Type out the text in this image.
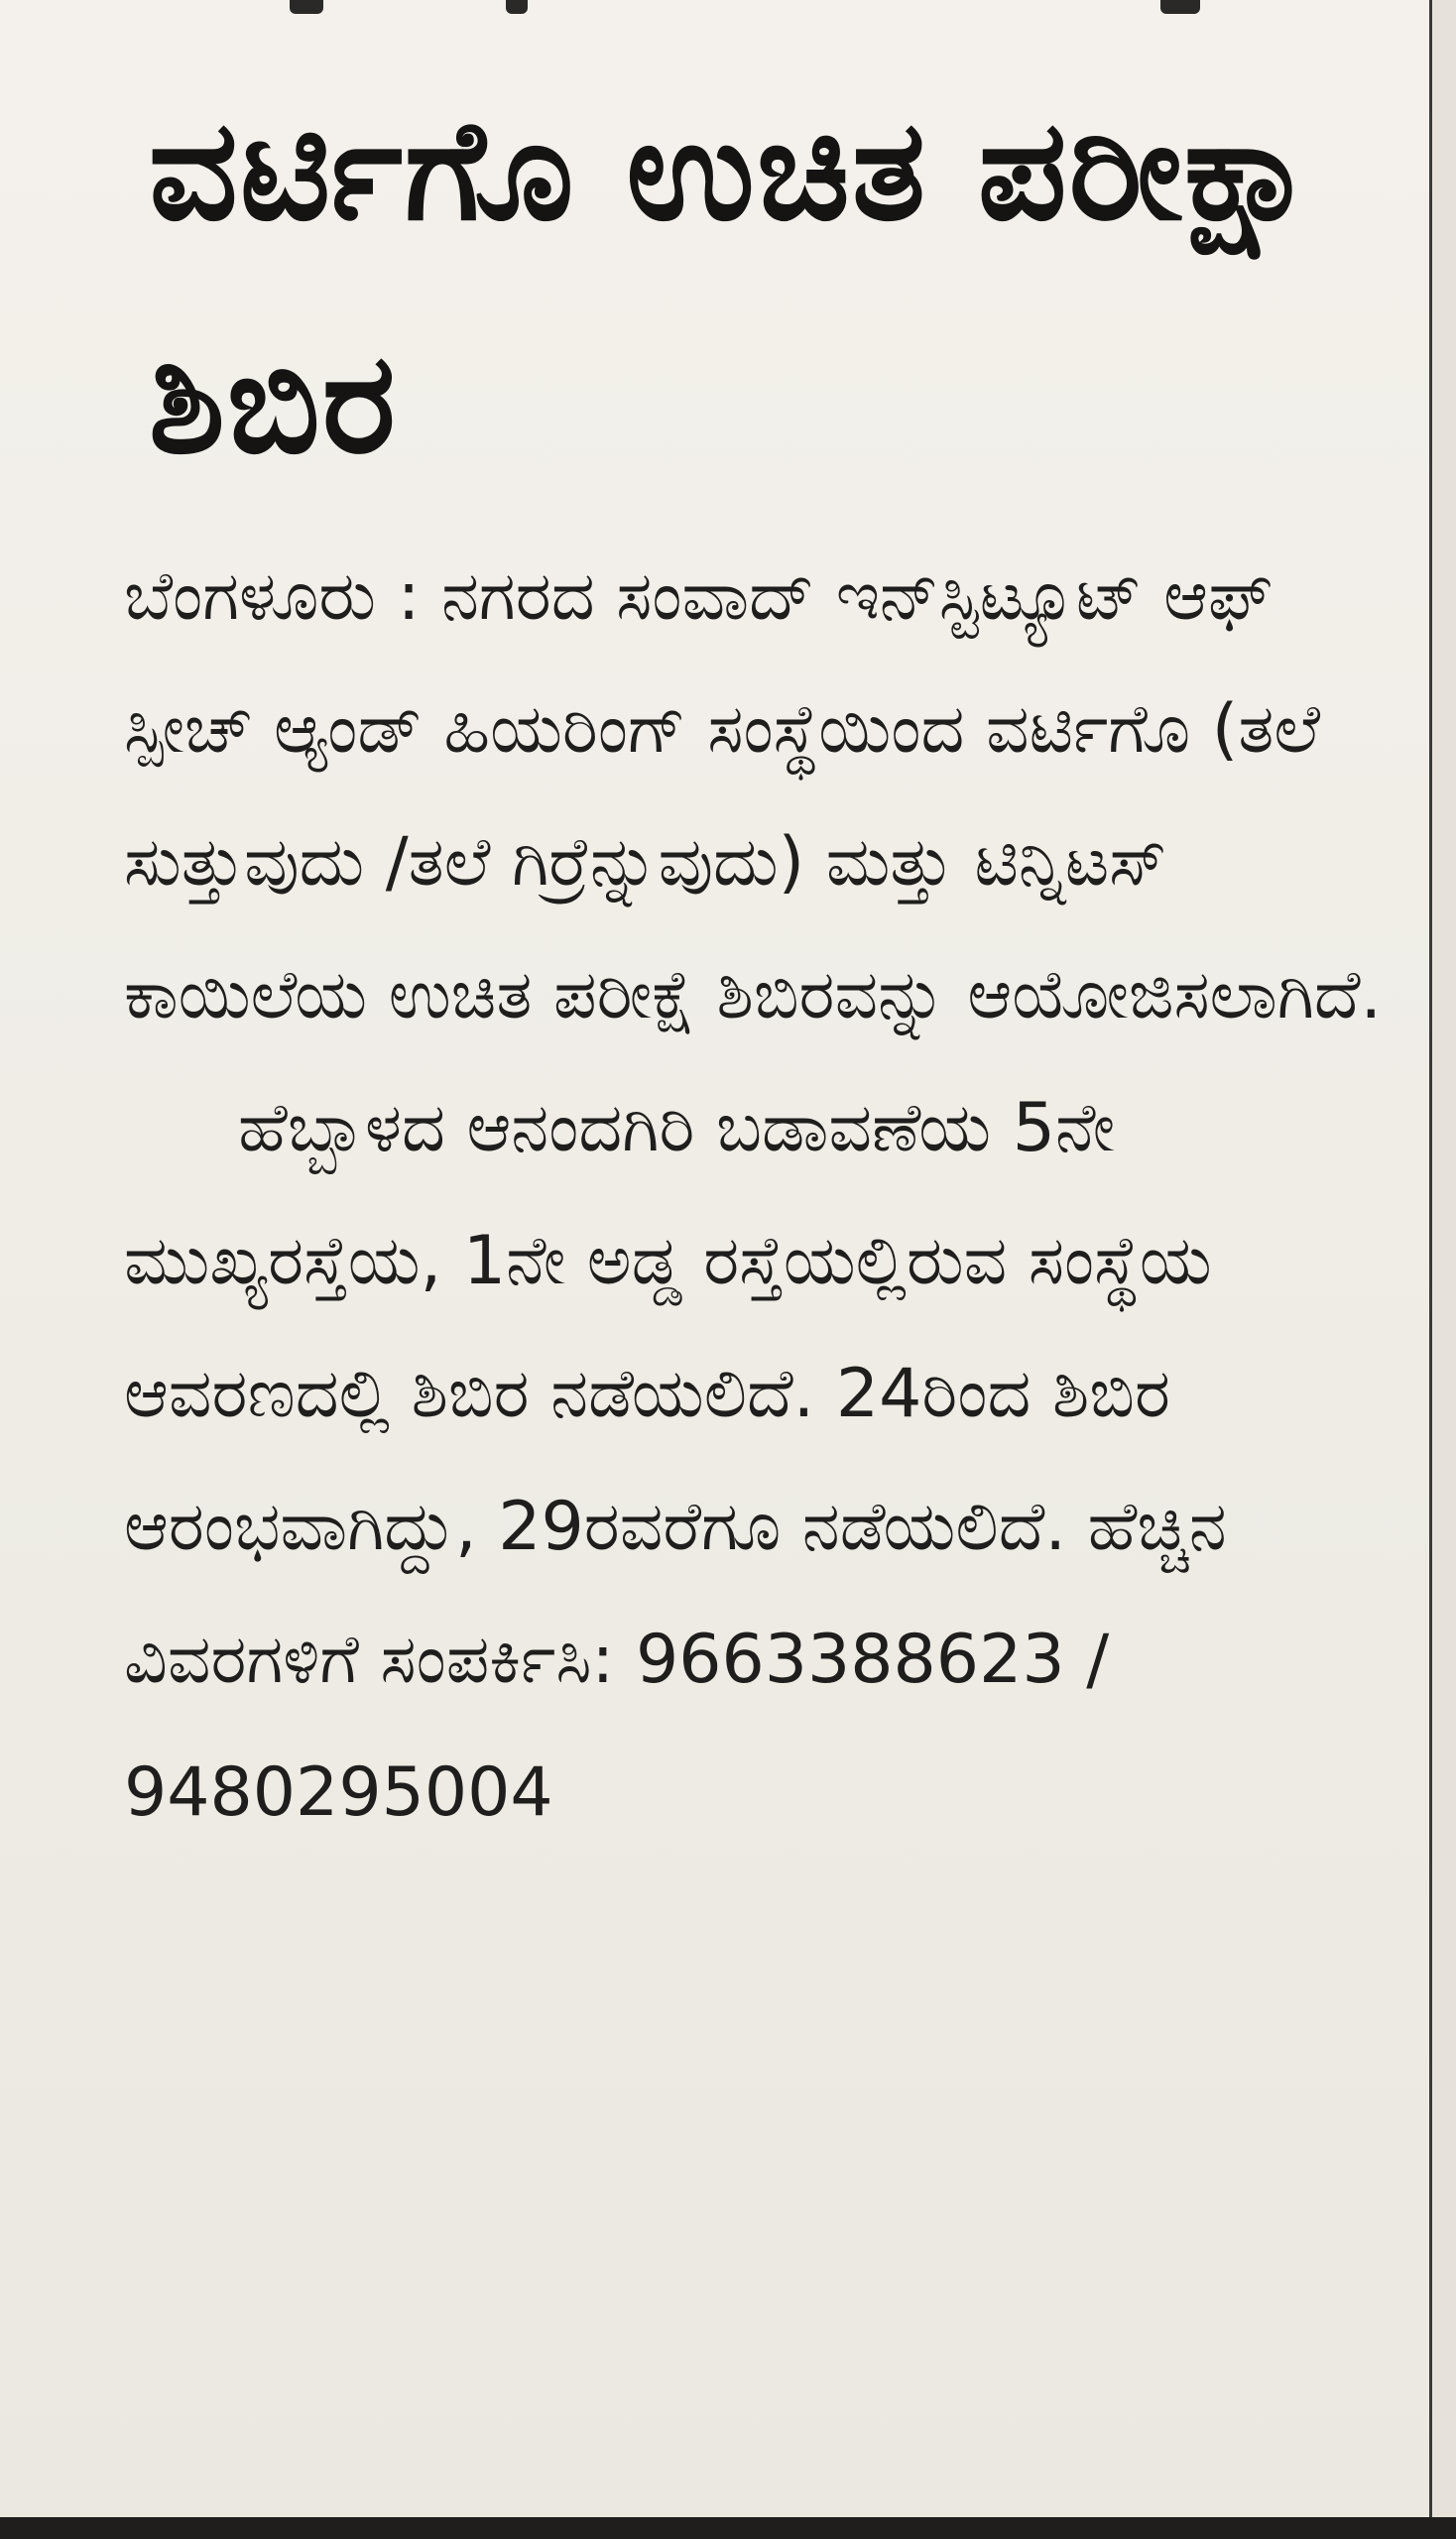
ವರ್ಟಿಗೊ ಉಚಿತ ಪರೀಕ್ಷಾ ಶಿಬಿರ

ಬೆಂಗಳೂರು : ನಗರದ ಸಂವಾದ್ ಇನ್‌ಸ್ಟಿಟ್ಯೂಟ್ ಆಫ್ ಸ್ಪೀಚ್ ಆ್ಯಂಡ್ ಹಿಯರಿಂಗ್ ಸಂಸ್ಥೆಯಿಂದ ವರ್ಟಿಗೊ (ತಲೆ ಸುತ್ತುವುದು /ತಲೆ ಗಿರ್ರೆನ್ನುವುದು) ಮತ್ತು ಟಿನ್ನಿಟಸ್ ಕಾಯಿಲೆಯ ಉಚಿತ ಪರೀಕ್ಷೆ ಶಿಬಿರವನ್ನು ಆಯೋಜಿಸಲಾಗಿದೆ.

ಹೆಬ್ಬಾಳದ ಆನಂದಗಿರಿ ಬಡಾವಣೆಯ 5ನೇ ಮುಖ್ಯರಸ್ತೆಯ, 1ನೇ ಅಡ್ಡ ರಸ್ತೆಯಲ್ಲಿರುವ ಸಂಸ್ಥೆಯ ಆವರಣದಲ್ಲಿ ಶಿಬಿರ ನಡೆಯಲಿದೆ. 24ರಿಂದ ಶಿಬಿರ ಆರಂಭವಾಗಿದ್ದು, 29ರವರೆಗೂ ನಡೆಯಲಿದೆ. ಹೆಚ್ಚಿನ ವಿವರಗಳಿಗೆ ಸಂಪರ್ಕಿಸಿ: 9663388623 / 9480295004
